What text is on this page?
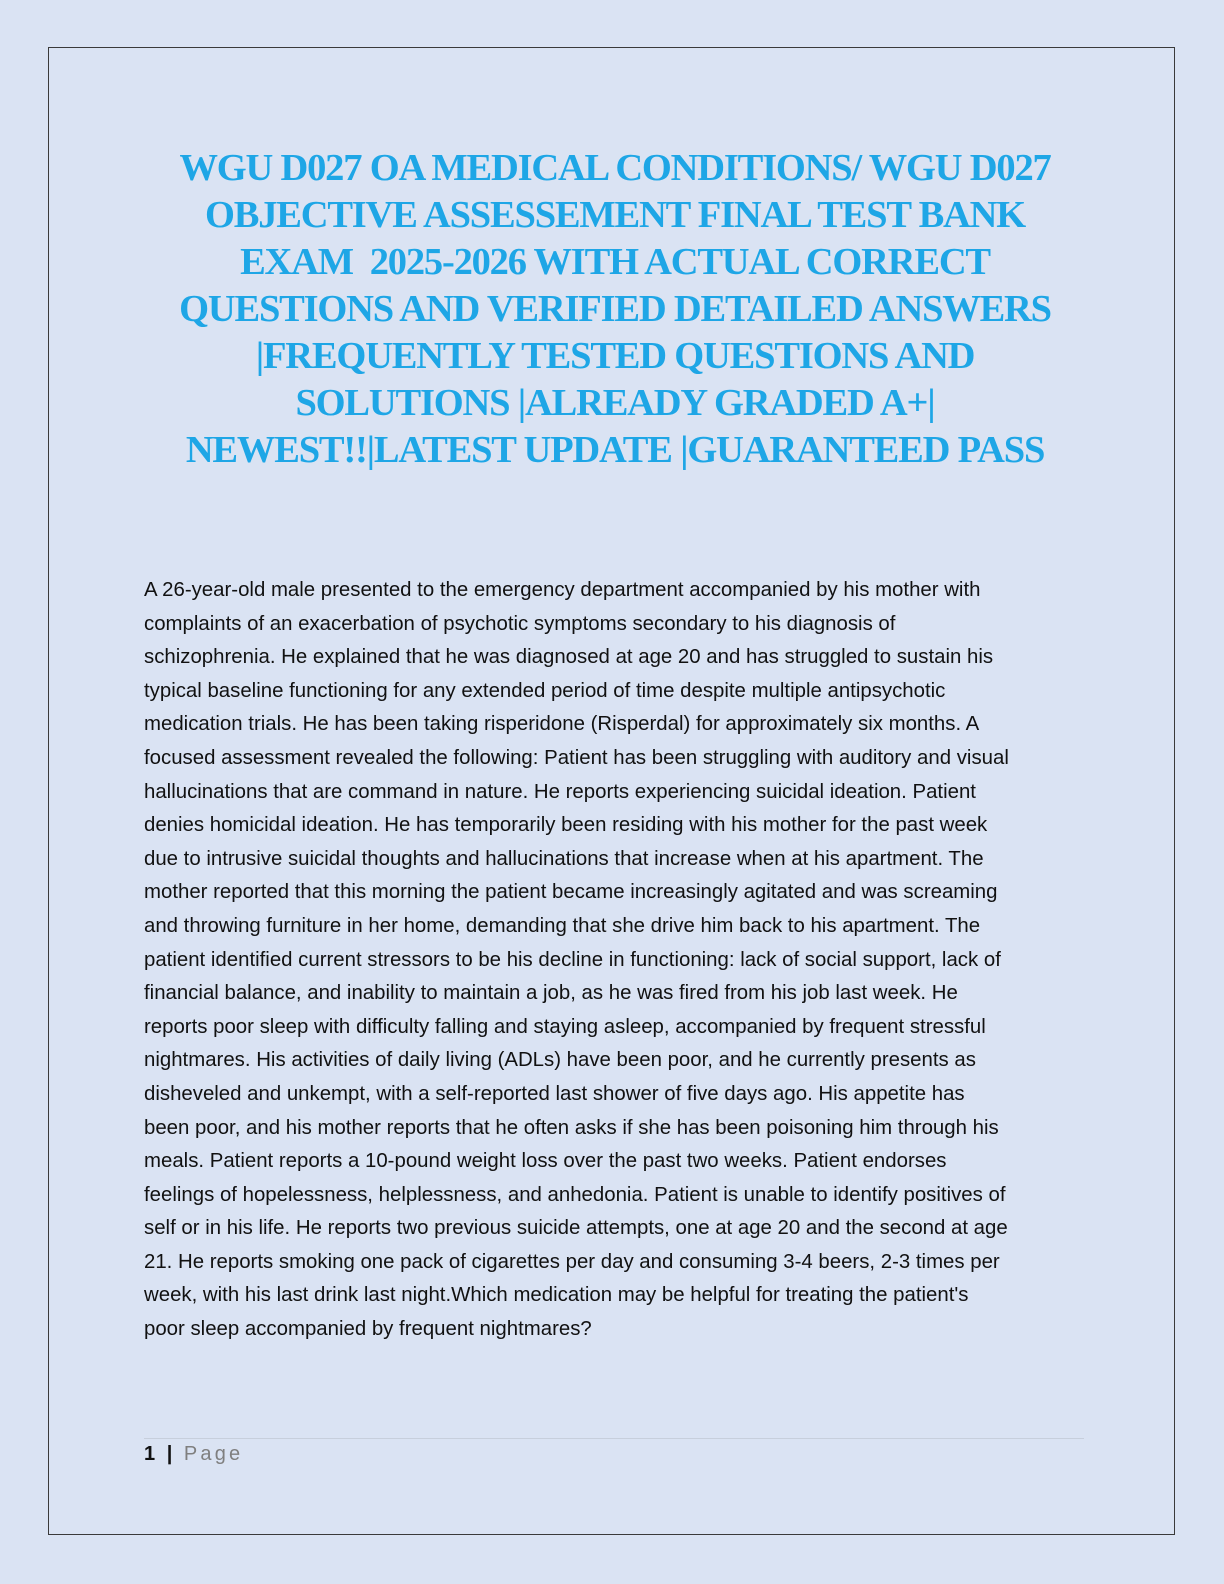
WGU D027 OA MEDICAL CONDITIONS/ WGU D027
OBJECTIVE ASSESSEMENT FINAL TEST BANK
EXAM  2025-2026 WITH ACTUAL CORRECT
QUESTIONS AND VERIFIED DETAILED ANSWERS
|FREQUENTLY TESTED QUESTIONS AND
SOLUTIONS |ALREADY GRADED A+|
NEWEST!!|LATEST UPDATE |GUARANTEED PASS
A 26-year-old male presented to the emergency department accompanied by his mother with
complaints of an exacerbation of psychotic symptoms secondary to his diagnosis of
schizophrenia. He explained that he was diagnosed at age 20 and has struggled to sustain his
typical baseline functioning for any extended period of time despite multiple antipsychotic
medication trials. He has been taking risperidone (Risperdal) for approximately six months. A
focused assessment revealed the following: Patient has been struggling with auditory and visual
hallucinations that are command in nature. He reports experiencing suicidal ideation. Patient
denies homicidal ideation. He has temporarily been residing with his mother for the past week
due to intrusive suicidal thoughts and hallucinations that increase when at his apartment. The
mother reported that this morning the patient became increasingly agitated and was screaming
and throwing furniture in her home, demanding that she drive him back to his apartment. The
patient identified current stressors to be his decline in functioning: lack of social support, lack of
financial balance, and inability to maintain a job, as he was fired from his job last week. He
reports poor sleep with difficulty falling and staying asleep, accompanied by frequent stressful
nightmares. His activities of daily living (ADLs) have been poor, and he currently presents as
disheveled and unkempt, with a self-reported last shower of five days ago. His appetite has
been poor, and his mother reports that he often asks if she has been poisoning him through his
meals. Patient reports a 10-pound weight loss over the past two weeks. Patient endorses
feelings of hopelessness, helplessness, and anhedonia. Patient is unable to identify positives of
self or in his life. He reports two previous suicide attempts, one at age 20 and the second at age
21. He reports smoking one pack of cigarettes per day and consuming 3-4 beers, 2-3 times per
week, with his last drink last night.Which medication may be helpful for treating the patient's
poor sleep accompanied by frequent nightmares?
1 | Page
